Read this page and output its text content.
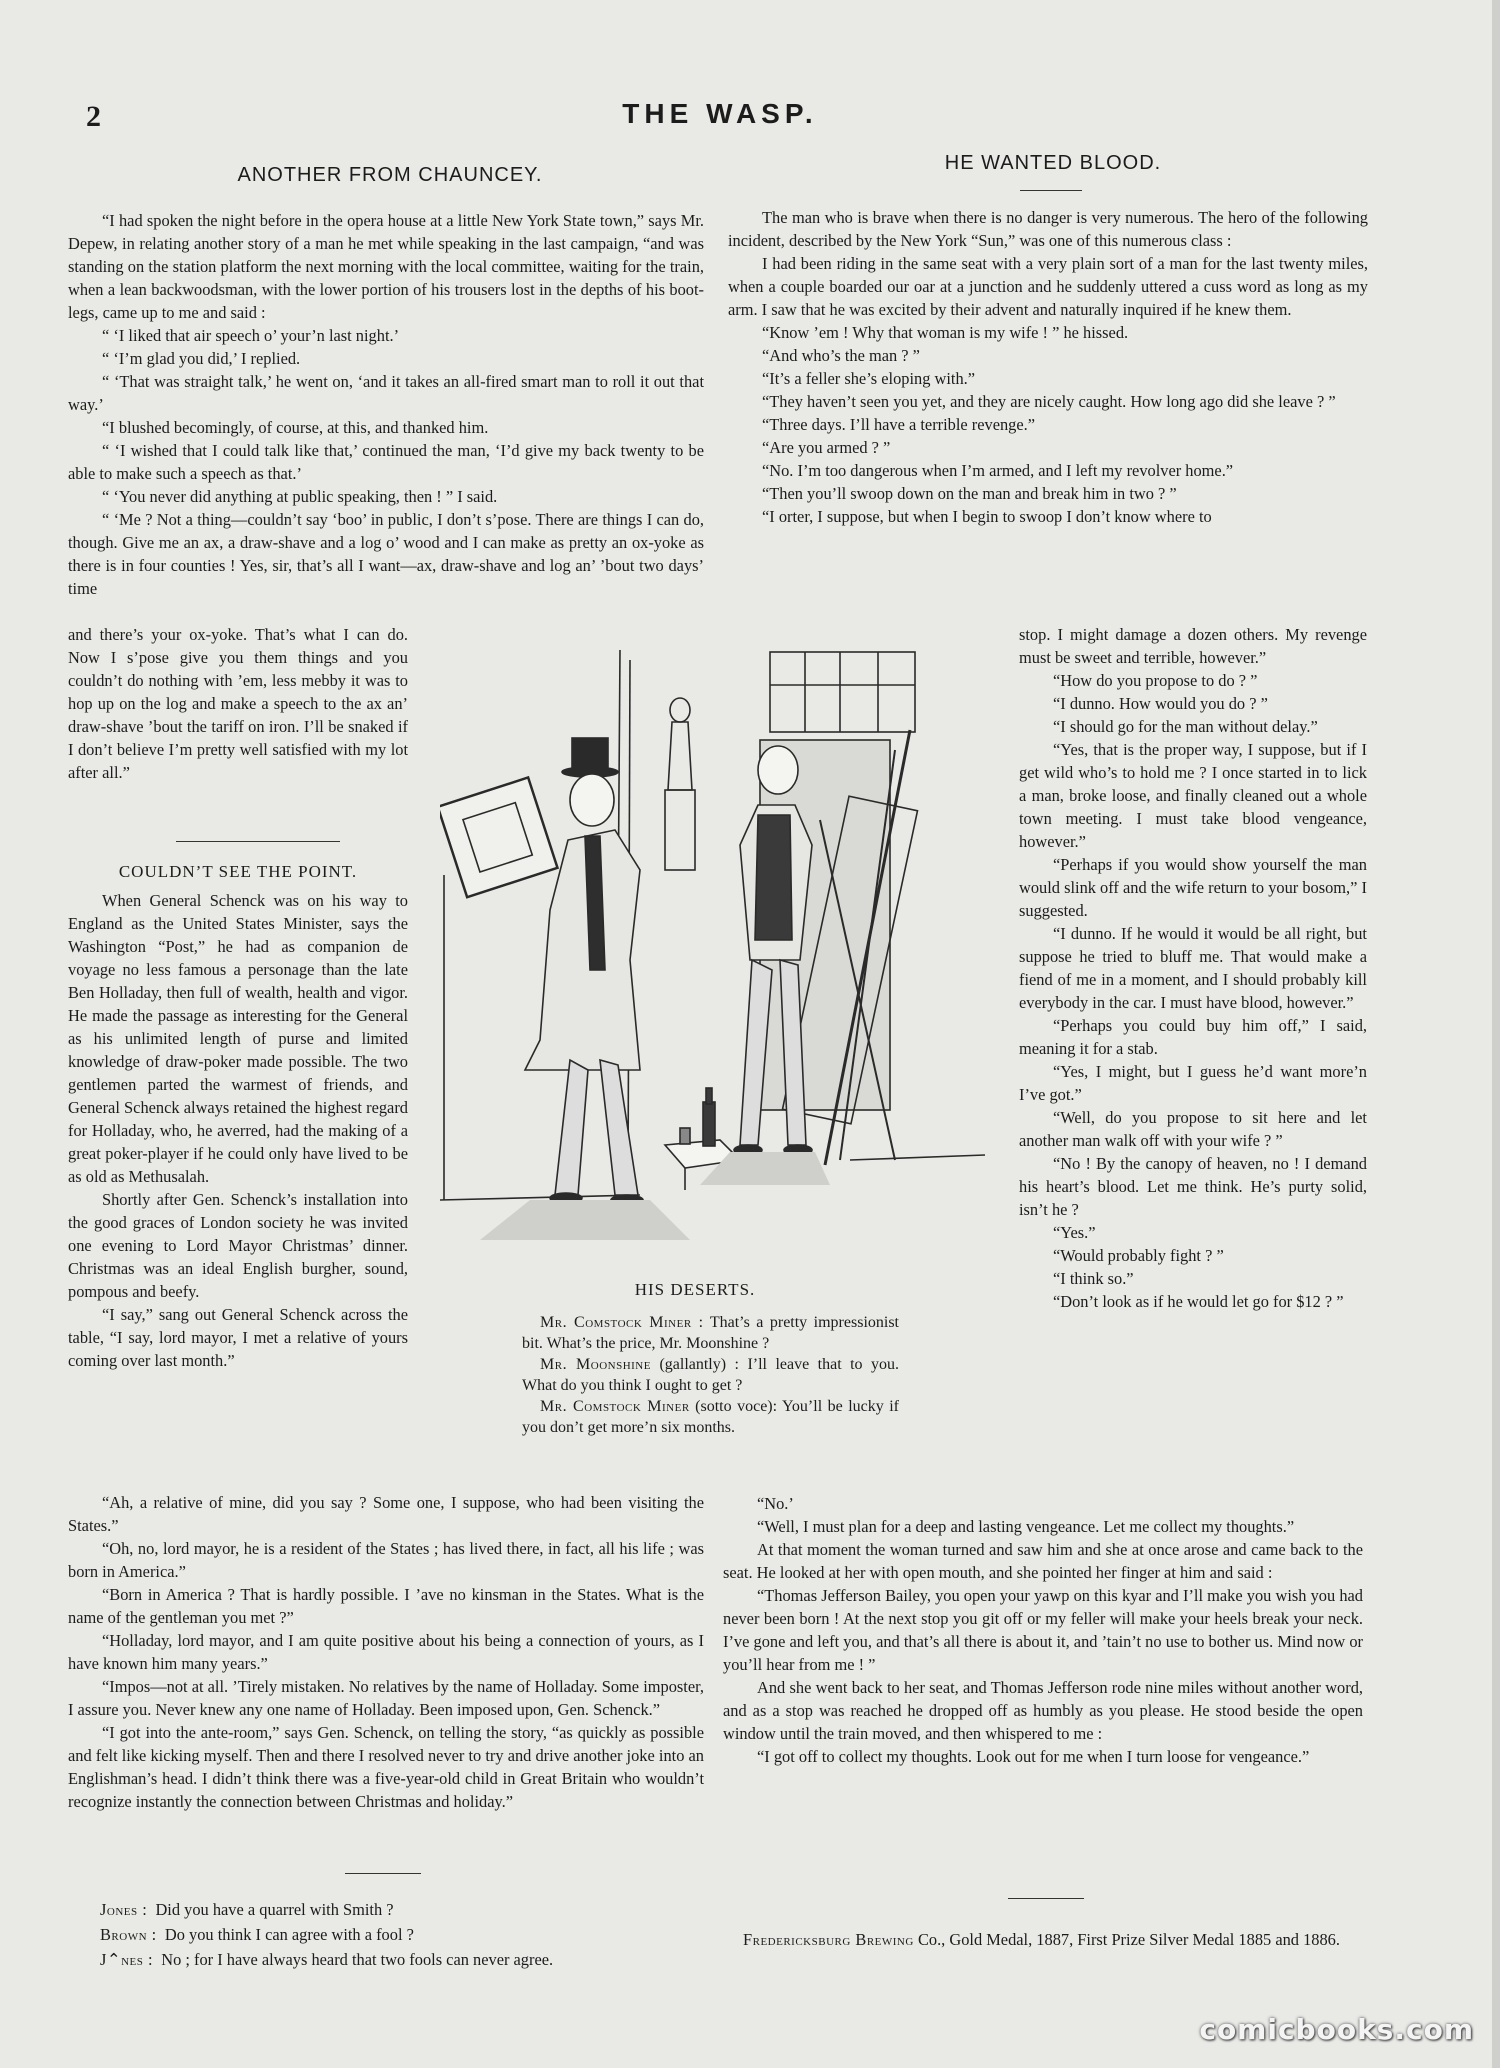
2	THE WASP.
ANOTHER FROM CHAUNCEY.

“I had spoken the night before in the opera house at a little New York State town,” says Mr. Depew, in relating another story of a man he met while speaking in the last campaign, “and was standing on the station platform the next morning with the local committee, waiting for the train, when a lean backwoodsman, with the lower portion of his trousers lost in the depths of his boot-legs, came up to me and said :

“ ‘I liked that air speech o’ your’n last night.’

“ ‘I’m glad you did,’ I replied.

“ ‘That was straight talk,’ he went on, ‘and it takes an all-fired smart man to roll it out that way.’

“I blushed becomingly, of course, at this, and thanked him.

“ ‘I wished that I could talk like that,’ continued the man, ‘I’d give my back twenty to be able to make such a speech as that.’

“ ‘You never did anything at public speaking, then ! ” I said.

“ ‘Me ? Not a thing—couldn’t say ‘boo’ in public, I don’t s’pose. There are things I can do, though. Give me an ax, a draw-shave and a log o’ wood and I can make as pretty an ox-yoke as there is in four counties ! Yes, sir, that’s all I want—ax, draw-shave and log an’ ’bout two days’ time

and there’s your ox-yoke. That’s what I can do. Now I s’pose give you them things and you couldn’t do nothing with ’em, less mebby it was to hop up on the log and make a speech to the ax an’ draw-shave ’bout the tariff on iron. I’ll be snaked if I don’t believe I’m pretty well satisfied with my lot after all.”

COULDN’T SEE THE POINT.

When General Schenck was on his way to England as the United States Minister, says the Washington “Post,” he had as companion de voyage no less famous a personage than the late Ben Holladay, then full of wealth, health and vigor. He made the passage as interesting for the General as his unlimited length of purse and limited knowledge of draw-poker made possible. The two gentlemen parted the warmest of friends, and General Schenck always retained the highest regard for Holladay, who, he averred, had the making of a great poker-player if he could only have lived to be as old as Methusalah.

Shortly after Gen. Schenck’s installation into the good graces of London society he was invited one evening to Lord Mayor Christmas’ dinner. Christmas was an ideal English burgher, sound, pompous and beefy.

“I say,” sang out General Schenck across the table, “I say, lord mayor, I met a relative of yours coming over last month.”

“Ah, a relative of mine, did you say ? Some one, I suppose, who had been visiting the States.”

“Oh, no, lord mayor, he is a resident of the States ; has lived there, in fact, all his life ; was born in America.”

“Born in America ? That is hardly possible. I ’ave no kinsman in the States. What is the name of the gentleman you met ?”

“Holladay, lord mayor, and I am quite positive about his being a connection of yours, as I have known him many years.”

“Impos—not at all. ’Tirely mistaken. No relatives by the name of Holladay. Some imposter, I assure you. Never knew any one name of Holladay. Been imposed upon, Gen. Schenck.”

“I got into the ante-room,” says Gen. Schenck, on telling the story, “as quickly as possible and felt like kicking myself. Then and there I resolved never to try and drive another joke into an Englishman’s head. I didn’t think there was a five-year-old child in Great Britain who wouldn’t recognize instantly the connection between Christmas and holiday.”

Jones : Did you have a quarrel with Smith ?

Brown : Do you think I can agree with a fool ?

J⌃nes : No ; for I have always heard that two fools can never agree.

HIS DESERTS.

Mr. Comstock Miner : That’s a pretty impressionist bit. What’s the price, Mr. Moonshine ?

Mr. Moonshine (gallantly) : I’ll leave that to you. What do you think I ought to get ?

Mr. Comstock Miner (sotto voce): You’ll be lucky if you don’t get more’n six months.

HE WANTED BLOOD.

The man who is brave when there is no danger is very numerous. The hero of the following incident, described by the New York “Sun,” was one of this numerous class :

I had been riding in the same seat with a very plain sort of a man for the last twenty miles, when a couple boarded our oar at a junction and he suddenly uttered a cuss word as long as my arm. I saw that he was excited by their advent and naturally inquired if he knew them.

“Know ’em ! Why that woman is my wife ! ” he hissed.

“And who’s the man ? ”

“It’s a feller she’s eloping with.”

“They haven’t seen you yet, and they are nicely caught. How long ago did she leave ? ”

“Three days. I’ll have a terrible revenge.”

“Are you armed ? ”

“No. I’m too dangerous when I’m armed, and I left my revolver home.”

“Then you’ll swoop down on the man and break him in two ? ”

“I orter, I suppose, but when I begin to swoop I don’t know where to

stop. I might damage a dozen others. My revenge must be sweet and terrible, however.”

“How do you propose to do ? ”

“I dunno. How would you do ? ”

“I should go for the man without delay.”

“Yes, that is the proper way, I suppose, but if I get wild who’s to hold me ? I once started in to lick a man, broke loose, and finally cleaned out a whole town meeting. I must take blood vengeance, however.”

“Perhaps if you would show yourself the man would slink off and the wife return to your bosom,” I suggested.

“I dunno. If he would it would be all right, but suppose he tried to bluff me. That would make a fiend of me in a moment, and I should probably kill everybody in the car. I must have blood, however.”

“Perhaps you could buy him off,” I said, meaning it for a stab.

“Yes, I might, but I guess he’d want more’n I’ve got.”

“Well, do you propose to sit here and let another man walk off with your wife ? ”

“No ! By the canopy of heaven, no ! I demand his heart’s blood. Let me think. He’s purty solid, isn’t he ?

“Yes.”

“Would probably fight ? ”

“I think so.”

“Don’t look as if he would let go for $12 ? ”

“No.’

“Well, I must plan for a deep and lasting vengeance. Let me collect my thoughts.”

At that moment the woman turned and saw him and she at once arose and came back to the seat. He looked at her with open mouth, and she pointed her finger at him and said :

“Thomas Jefferson Bailey, you open your yawp on this kyar and I’ll make you wish you had never been born ! At the next stop you git off or my feller will make your heels break your neck. I’ve gone and left you, and that’s all there is about it, and ’tain’t no use to bother us. Mind now or you’ll hear from me ! ”

And she went back to her seat, and Thomas Jefferson rode nine miles without another word, and as a stop was reached he dropped off as humbly as you please. He stood beside the open window until the train moved, and then whispered to me :

“I got off to collect my thoughts. Look out for me when I turn loose for vengeance.”

Fredericksburg Brewing Co., Gold Medal, 1887, First Prize Silver Medal 1885 and 1886.

comicbooks.com
